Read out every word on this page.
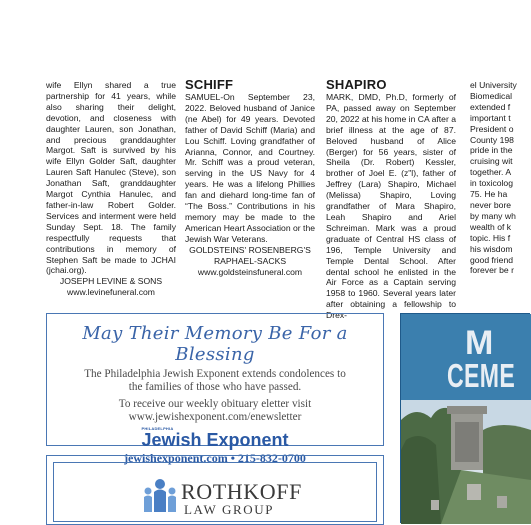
wife Ellyn shared a true partnership for 41 years, while also sharing their delight, devotion, and closeness with daughter Lauren, son Jonathan, and precious granddaughter Margot. Saft is survived by his wife Ellyn Golder Saft, daughter Lauren Saft Hanulec (Steve), son Jonathan Saft, granddaughter Margot Cynthia Hanulec, and father-in-law Robert Golder. Services and interment were held Sunday Sept. 18. The family respectfully requests that contributions in memory of Stephen Saft be made to JCHAI (jchai.org).

JOSEPH LEVINE & SONS

www.levinefuneral.com

SCHIFF

SAMUEL-On September 23, 2022. Beloved husband of Janice (ne Abel) for 49 years. Devoted father of David Schiff (Maria) and Lou Schiff. Loving grandfather of Arianna, Connor, and Courtney. Mr. Schiff was a proud veteran, serving in the US Navy for 4 years. He was a lifelong Phillies fan and diehard long-time fan of “The Boss.” Contributions in his memory may be made to the American Heart Association or the Jewish War Veterans.

GOLDSTEINS' ROSENBERG'S RAPHAEL-SACKS

www.goldsteinsfuneral.com

SHAPIRO

MARK, DMD, Ph.D, formerly of PA, passed away on September 20, 2022 at his home in CA after a brief illness at the age of 87. Beloved husband of Alice (Berger) for 56 years, sister of Sheila (Dr. Robert) Kessler, brother of Joel E. (z"l), father of Jeffrey (Lara) Shapiro, Michael (Melissa) Shapiro, Loving grandfather of Mara Shapiro, Leah Shapiro and Ariel Schreiman. Mark was a proud graduate of Central HS class of 196, Temple University and Temple Dental School. After dental school he enlisted in the Air Force as a Captain serving 1958 to 1960. Several years later after obtaining a fellowship to Drex-

el University
Biomedical
extended f
important t
President o
County 198
pride in the
cruising wit
together. A
in toxicolog
75. He ha
never bore
by many wh
wealth of k
topic. His f
his wisdom
good friend
forever be r
May Their Memory Be For a Blessing
The Philadelphia Jewish Exponent extends condolences to
the families of those who have passed.
To receive our weekly obituary eletter visit
www.jewishexponent.com/enewsletter
PHILADELPHIA
Jewish Exponent
jewishexponent.com • 215-832-0700
ROTHKOFF
LAW GROUP
M
CEME
